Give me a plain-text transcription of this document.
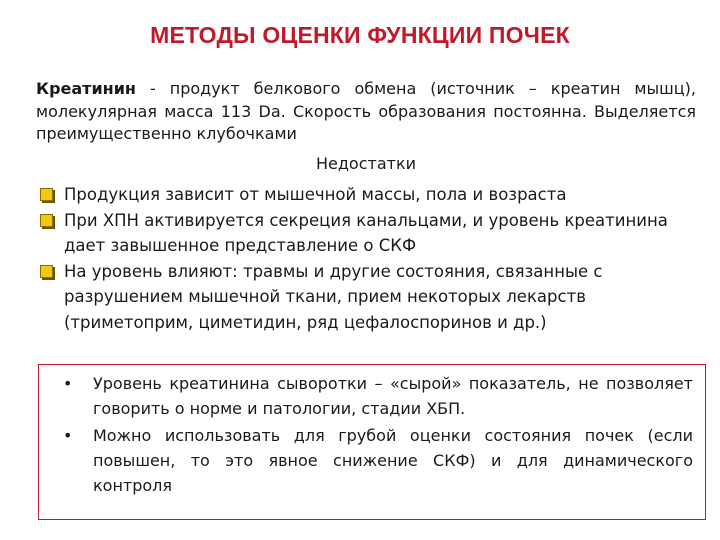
МЕТОДЫ ОЦЕНКИ ФУНКЦИИ ПОЧЕК
Креатинин - продукт белкового обмена (источник – креатин мышц), молекулярная масса 113 Da. Скорость образования постоянна. Выделяется преимущественно клубочками
Недостатки
Продукция зависит от мышечной массы, пола и возраста
При ХПН активируется секреция канальцами, и уровень креатинина дает завышенное представление о СКФ
На уровень влияют: травмы и другие состояния, связанные с разрушением мышечной ткани, прием некоторых лекарств (триметоприм, циметидин, ряд цефалоспоринов и др.)
• Уровень креатинина сыворотки – «сырой» показатель, не позволяет говорить о норме и патологии, стадии ХБП.
• Можно использовать для грубой оценки состояния почек (если повышен, то это явное снижение СКФ) и для динамического контроля
